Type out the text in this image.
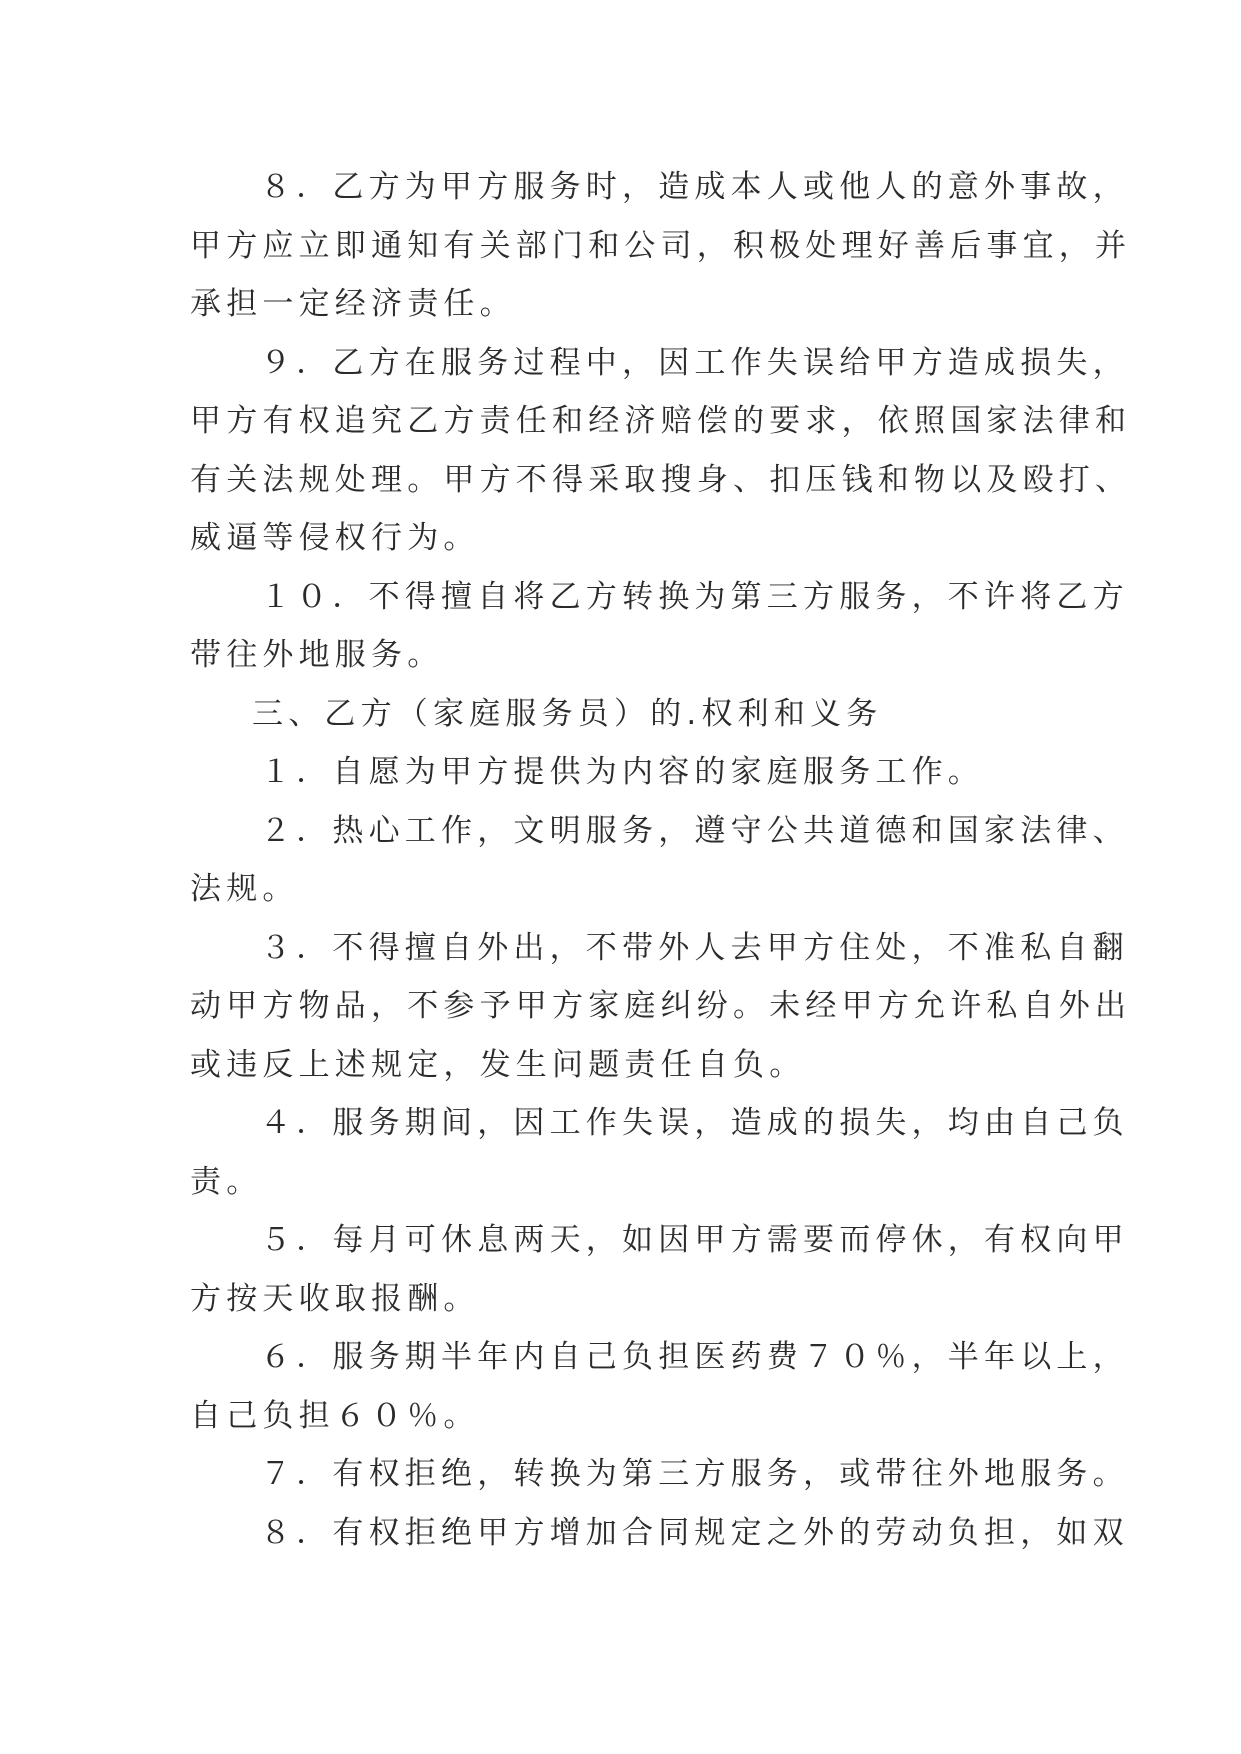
８．乙方为甲方服务时，造成本人或他人的意外事故，
甲方应立即通知有关部门和公司，积极处理好善后事宜，并
承担一定经济责任。
９．乙方在服务过程中，因工作失误给甲方造成损失，
甲方有权追究乙方责任和经济赔偿的要求，依照国家法律和
有关法规处理。甲方不得采取搜身、扣压钱和物以及殴打、
威逼等侵权行为。
１０．不得擅自将乙方转换为第三方服务，不许将乙方
带往外地服务。
三、乙方（家庭服务员）的.权利和义务
１．自愿为甲方提供为内容的家庭服务工作。
２．热心工作，文明服务，遵守公共道德和国家法律、
法规。
３．不得擅自外出，不带外人去甲方住处，不准私自翻
动甲方物品，不参予甲方家庭纠纷。未经甲方允许私自外出
或违反上述规定，发生问题责任自负。
４．服务期间，因工作失误，造成的损失，均由自己负
责。
５．每月可休息两天，如因甲方需要而停休，有权向甲
方按天收取报酬。
６．服务期半年内自己负担医药费７０％，半年以上，
自己负担６０％。
７．有权拒绝，转换为第三方服务，或带往外地服务。
８．有权拒绝甲方增加合同规定之外的劳动负担，如双
